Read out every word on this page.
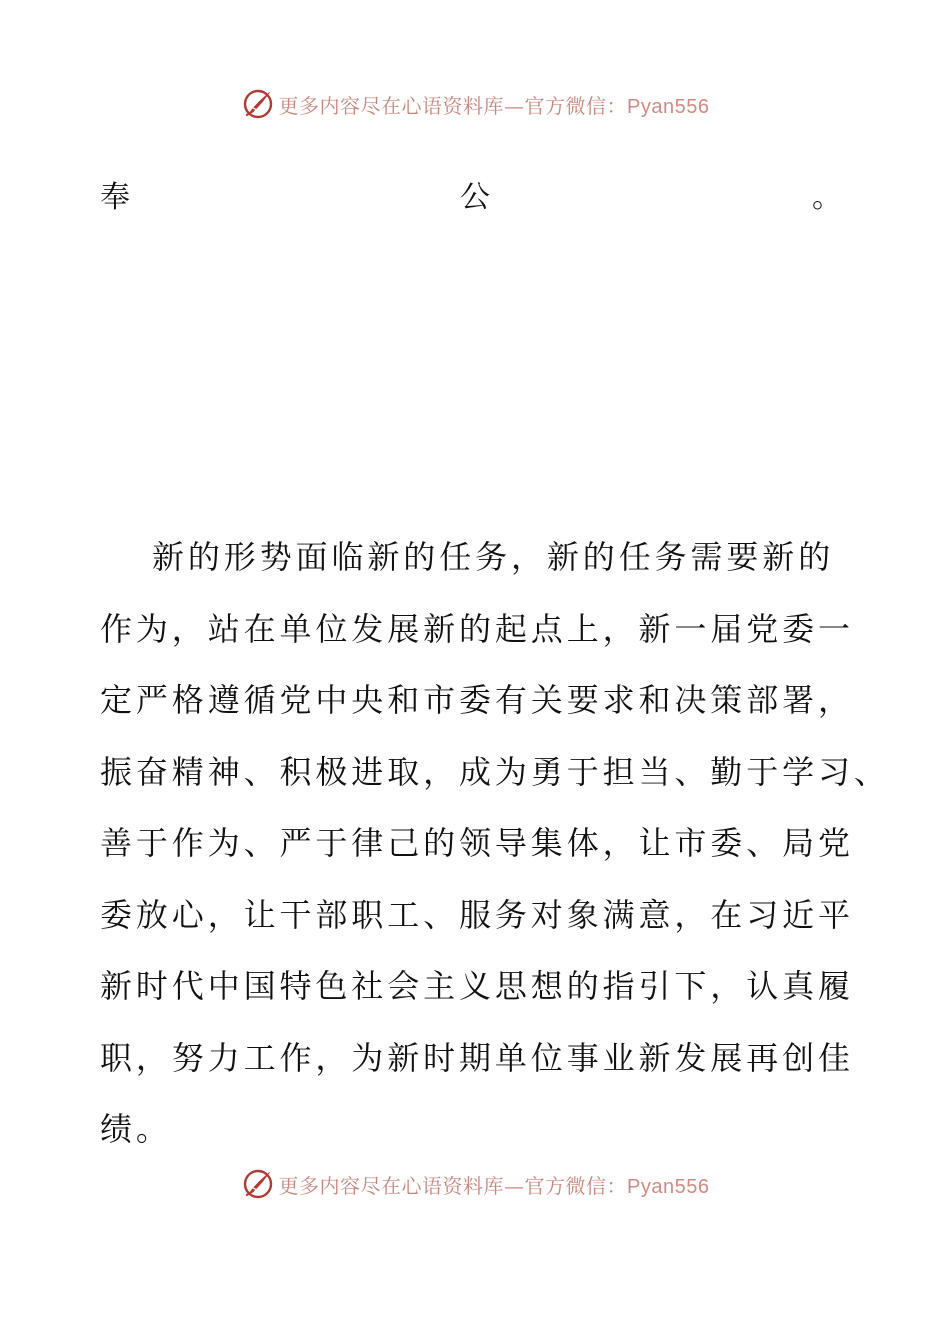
更多内容尽在心语资料库—官方微信：Pyan556
奉	公	。
新的形势面临新的任务，新的任务需要新的
作为，站在单位发展新的起点上，新一届党委一
定严格遵循党中央和市委有关要求和决策部署，
振奋精神、积极进取，成为勇于担当、勤于学习、
善于作为、严于律己的领导集体，让市委、局党
委放心，让干部职工、服务对象满意，在习近平
新时代中国特色社会主义思想的指引下，认真履
职，努力工作，为新时期单位事业新发展再创佳
绩。
更多内容尽在心语资料库—官方微信：Pyan556
